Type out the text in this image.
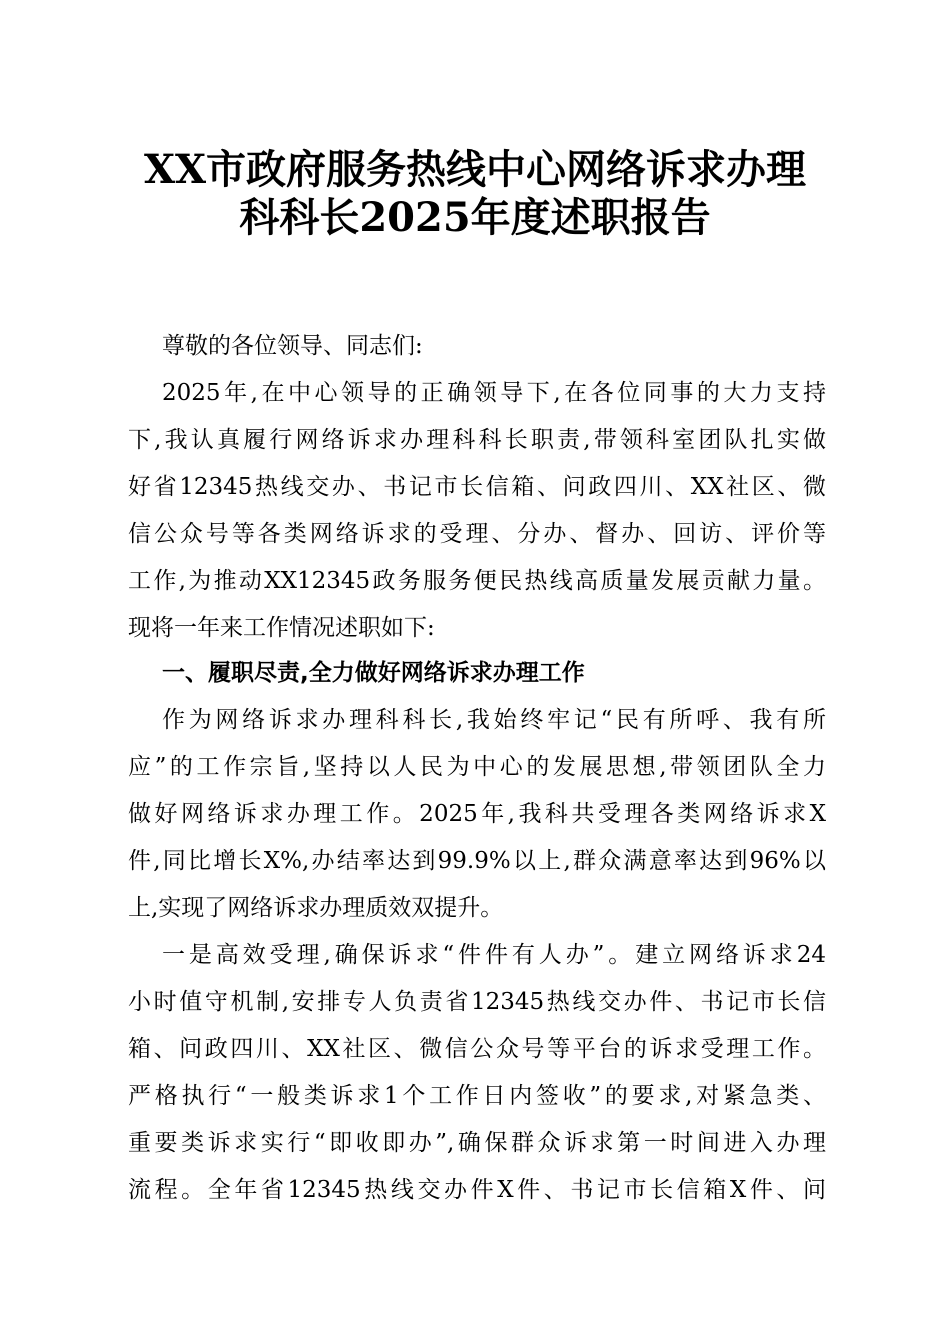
XX市政府服务热线中心网络诉求办理
科科长2025年度述职报告
尊敬的各位领导、同志们:
2025年,在中心领导的正确领导下,在各位同事的大力支持
下,我认真履行网络诉求办理科科长职责,带领科室团队扎实做
好省12345热线交办、书记市长信箱、问政四川、XX社区、微
信公众号等各类网络诉求的受理、分办、督办、回访、评价等
工作,为推动XX12345政务服务便民热线高质量发展贡献力量。
现将一年来工作情况述职如下:
一、履职尽责,全力做好网络诉求办理工作
作为网络诉求办理科科长,我始终牢记“民有所呼、我有所
应”的工作宗旨,坚持以人民为中心的发展思想,带领团队全力
做好网络诉求办理工作。2025年,我科共受理各类网络诉求X
件,同比增长X%,办结率达到99.9%以上,群众满意率达到96%以
上,实现了网络诉求办理质效双提升。
一是高效受理,确保诉求“件件有人办”。建立网络诉求24
小时值守机制,安排专人负责省12345热线交办件、书记市长信
箱、问政四川、XX社区、微信公众号等平台的诉求受理工作。
严格执行“一般类诉求1个工作日内签收”的要求,对紧急类、
重要类诉求实行“即收即办”,确保群众诉求第一时间进入办理
流程。全年省12345热线交办件X件、书记市长信箱X件、问
